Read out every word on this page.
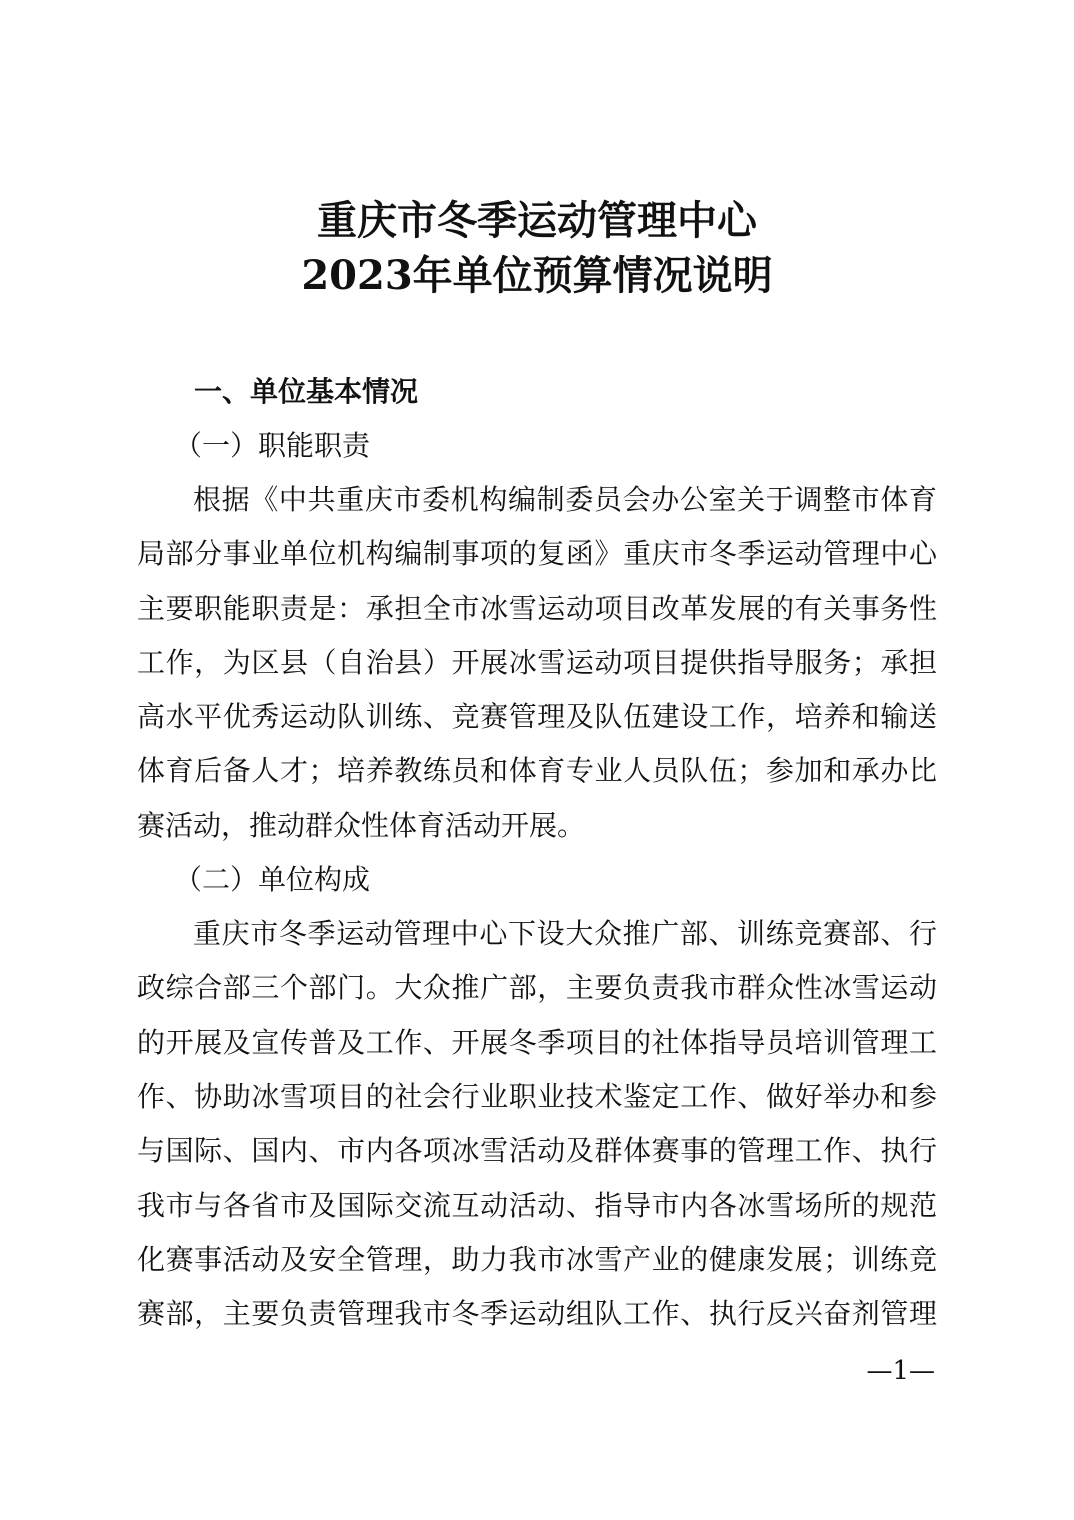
重庆市冬季运动管理中心
2023年单位预算情况说明
一、单位基本情况
（一）职能职责
根据《中共重庆市委机构编制委员会办公室关于调整市体育
局部分事业单位机构编制事项的复函》重庆市冬季运动管理中心
主要职能职责是：承担全市冰雪运动项目改革发展的有关事务性
工作，为区县（自治县）开展冰雪运动项目提供指导服务；承担
高水平优秀运动队训练、竞赛管理及队伍建设工作，培养和输送
体育后备人才；培养教练员和体育专业人员队伍；参加和承办比
赛活动，推动群众性体育活动开展。
（二）单位构成
重庆市冬季运动管理中心下设大众推广部、训练竞赛部、行
政综合部三个部门。大众推广部，主要负责我市群众性冰雪运动
的开展及宣传普及工作、开展冬季项目的社体指导员培训管理工
作、协助冰雪项目的社会行业职业技术鉴定工作、做好举办和参
与国际、国内、市内各项冰雪活动及群体赛事的管理工作、执行
我市与各省市及国际交流互动活动、指导市内各冰雪场所的规范
化赛事活动及安全管理，助力我市冰雪产业的健康发展；训练竞
赛部，主要负责管理我市冬季运动组队工作、执行反兴奋剂管理
—1—
